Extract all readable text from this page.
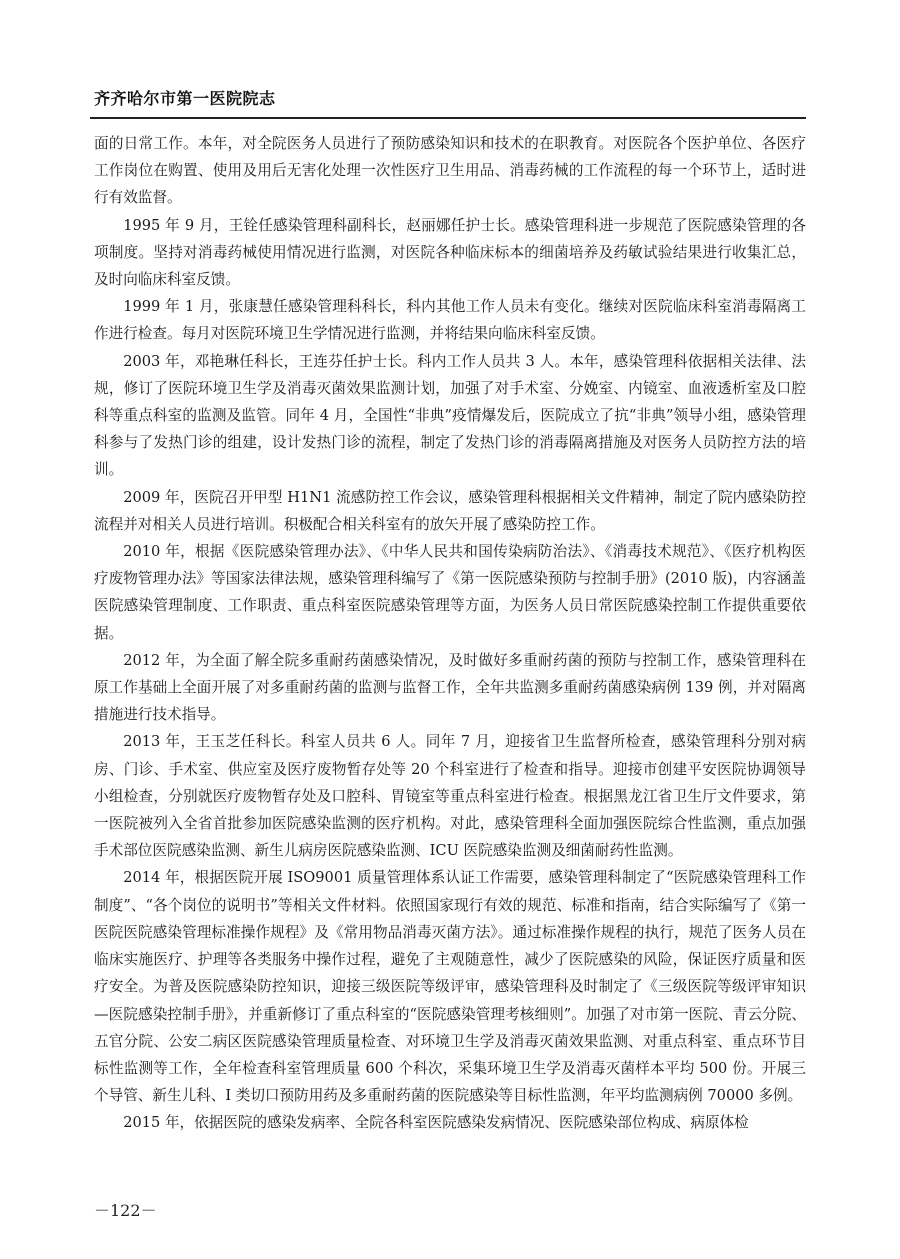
齐齐哈尔市第一医院院志

面的日常工作。本年，对全院医务人员进行了预防感染知识和技术的在职教育。对医院各个医护单位、各医疗工作岗位在购置、使用及用后无害化处理一次性医疗卫生用品、消毒药械的工作流程的每一个环节上，适时进行有效监督。

1995 年 9 月，王铨任感染管理科副科长，赵丽娜任护士长。感染管理科进一步规范了医院感染管理的各项制度。坚持对消毒药械使用情况进行监测，对医院各种临床标本的细菌培养及药敏试验结果进行收集汇总，及时向临床科室反馈。

1999 年 1 月，张康慧任感染管理科科长，科内其他工作人员未有变化。继续对医院临床科室消毒隔离工作进行检查。每月对医院环境卫生学情况进行监测，并将结果向临床科室反馈。

2003 年，邓艳琳任科长，王连芬任护士长。科内工作人员共 3 人。本年，感染管理科依据相关法律、法规，修订了医院环境卫生学及消毒灭菌效果监测计划，加强了对手术室、分娩室、内镜室、血液透析室及口腔科等重点科室的监测及监管。同年 4 月，全国性“非典”疫情爆发后，医院成立了抗“非典”领导小组，感染管理科参与了发热门诊的组建，设计发热门诊的流程，制定了发热门诊的消毒隔离措施及对医务人员防控方法的培训。

2009 年，医院召开甲型 H1N1 流感防控工作会议，感染管理科根据相关文件精神，制定了院内感染防控流程并对相关人员进行培训。积极配合相关科室有的放矢开展了感染防控工作。

2010 年，根据《医院感染管理办法》、《中华人民共和国传染病防治法》、《消毒技术规范》、《医疗机构医疗废物管理办法》等国家法律法规，感染管理科编写了《第一医院感染预防与控制手册》(2010 版)，内容涵盖医院感染管理制度、工作职责、重点科室医院感染管理等方面，为医务人员日常医院感染控制工作提供重要依据。

2012 年，为全面了解全院多重耐药菌感染情况，及时做好多重耐药菌的预防与控制工作，感染管理科在原工作基础上全面开展了对多重耐药菌的监测与监督工作，全年共监测多重耐药菌感染病例 139 例，并对隔离措施进行技术指导。

2013 年，王玉芝任科长。科室人员共 6 人。同年 7 月，迎接省卫生监督所检查，感染管理科分别对病房、门诊、手术室、供应室及医疗废物暂存处等 20 个科室进行了检查和指导。迎接市创建平安医院协调领导小组检查，分别就医疗废物暂存处及口腔科、胃镜室等重点科室进行检查。根据黑龙江省卫生厅文件要求，第一医院被列入全省首批参加医院感染监测的医疗机构。对此，感染管理科全面加强医院综合性监测，重点加强手术部位医院感染监测、新生儿病房医院感染监测、ICU 医院感染监测及细菌耐药性监测。

2014 年，根据医院开展 ISO9001 质量管理体系认证工作需要，感染管理科制定了“医院感染管理科工作制度”、“各个岗位的说明书”等相关文件材料。依照国家现行有效的规范、标准和指南，结合实际编写了《第一医院医院感染管理标准操作规程》及《常用物品消毒灭菌方法》。通过标准操作规程的执行，规范了医务人员在临床实施医疗、护理等各类服务中操作过程，避免了主观随意性，减少了医院感染的风险，保证医疗质量和医疗安全。为普及医院感染防控知识，迎接三级医院等级评审，感染管理科及时制定了《三级医院等级评审知识—医院感染控制手册》，并重新修订了重点科室的“医院感染管理考核细则”。加强了对市第一医院、青云分院、五官分院、公安二病区医院感染管理质量检查、对环境卫生学及消毒灭菌效果监测、对重点科室、重点环节目标性监测等工作，全年检查科室管理质量 600 个科次，采集环境卫生学及消毒灭菌样本平均 500 份。开展三个导管、新生儿科、I 类切口预防用药及多重耐药菌的医院感染等目标性监测，年平均监测病例 70000 多例。

2015 年，依据医院的感染发病率、全院各科室医院感染发病情况、医院感染部位构成、病原体检

－122－
